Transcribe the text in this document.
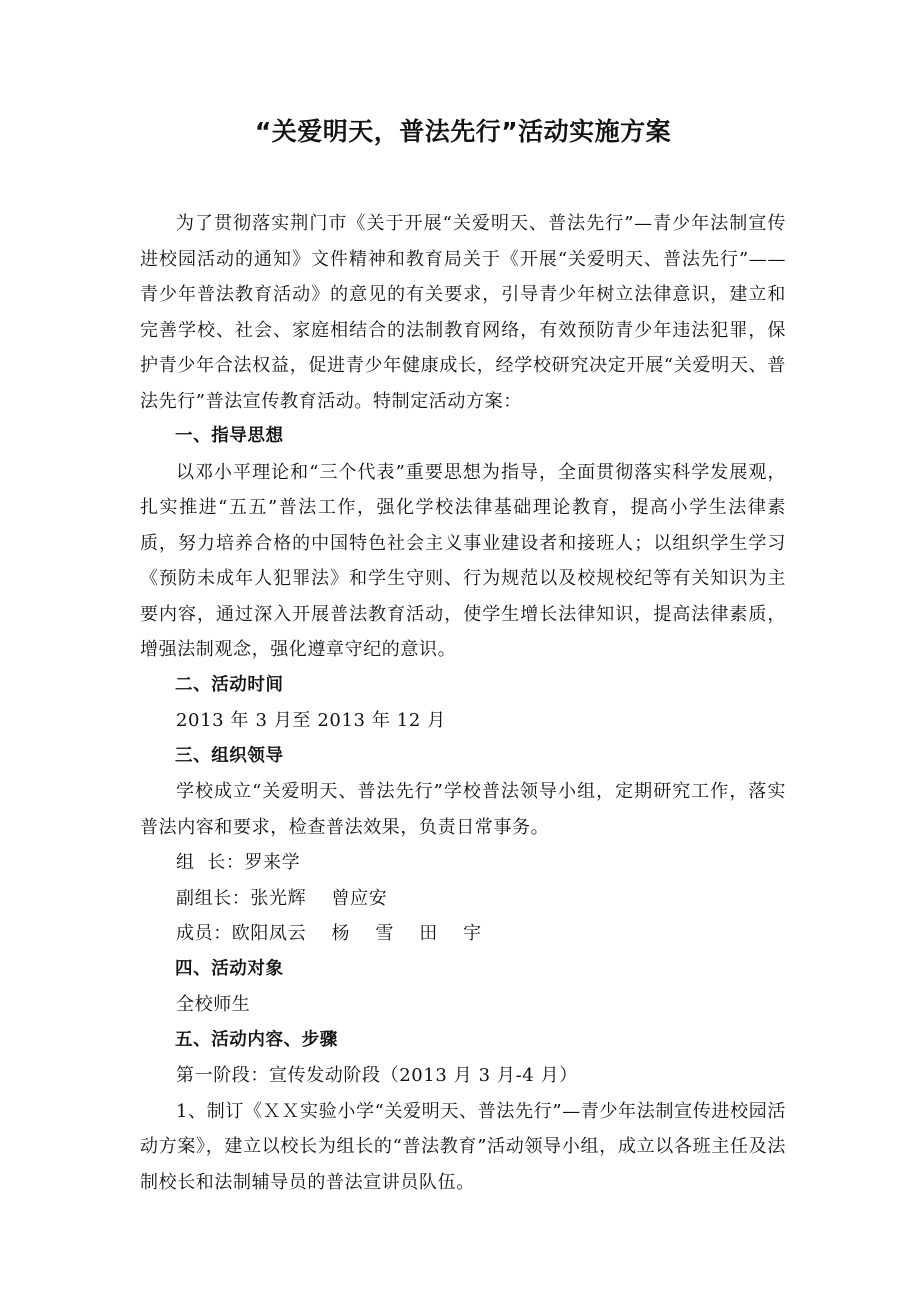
“关爱明天，普法先行”活动实施方案

为了贯彻落实荆门市《关于开展“关爱明天、普法先行”—青少年法制宣传进校园活动的通知》文件精神和教育局关于《开展“关爱明天、普法先行”——青少年普法教育活动》的意见的有关要求，引导青少年树立法律意识，建立和完善学校、社会、家庭相结合的法制教育网络，有效预防青少年违法犯罪，保护青少年合法权益，促进青少年健康成长，经学校研究决定开展“关爱明天、普法先行”普法宣传教育活动。特制定活动方案：

一、指导思想

以邓小平理论和“三个代表”重要思想为指导，全面贯彻落实科学发展观，扎实推进“五五”普法工作，强化学校法律基础理论教育，提高小学生法律素质，努力培养合格的中国特色社会主义事业建设者和接班人；以组织学生学习《预防未成年人犯罪法》和学生守则、行为规范以及校规校纪等有关知识为主要内容，通过深入开展普法教育活动，使学生增长法律知识，提高法律素质，增强法制观念，强化遵章守纪的意识。

二、活动时间

2013 年 3 月至 2013 年 12 月

三、组织领导

学校成立“关爱明天、普法先行”学校普法领导小组，定期研究工作，落实普法内容和要求，检查普法效果，负责日常事务。

组  长：罗来学

副组长：张光辉    曾应安

成员：欧阳凤云    杨    雪    田    宇

四、活动对象

全校师生

五、活动内容、步骤

第一阶段：宣传发动阶段（2013 月 3 月-4 月）

1、制订《ＸＸ实验小学“关爱明天、普法先行”—青少年法制宣传进校园活动方案》，建立以校长为组长的“普法教育”活动领导小组，成立以各班主任及法制校长和法制辅导员的普法宣讲员队伍。
